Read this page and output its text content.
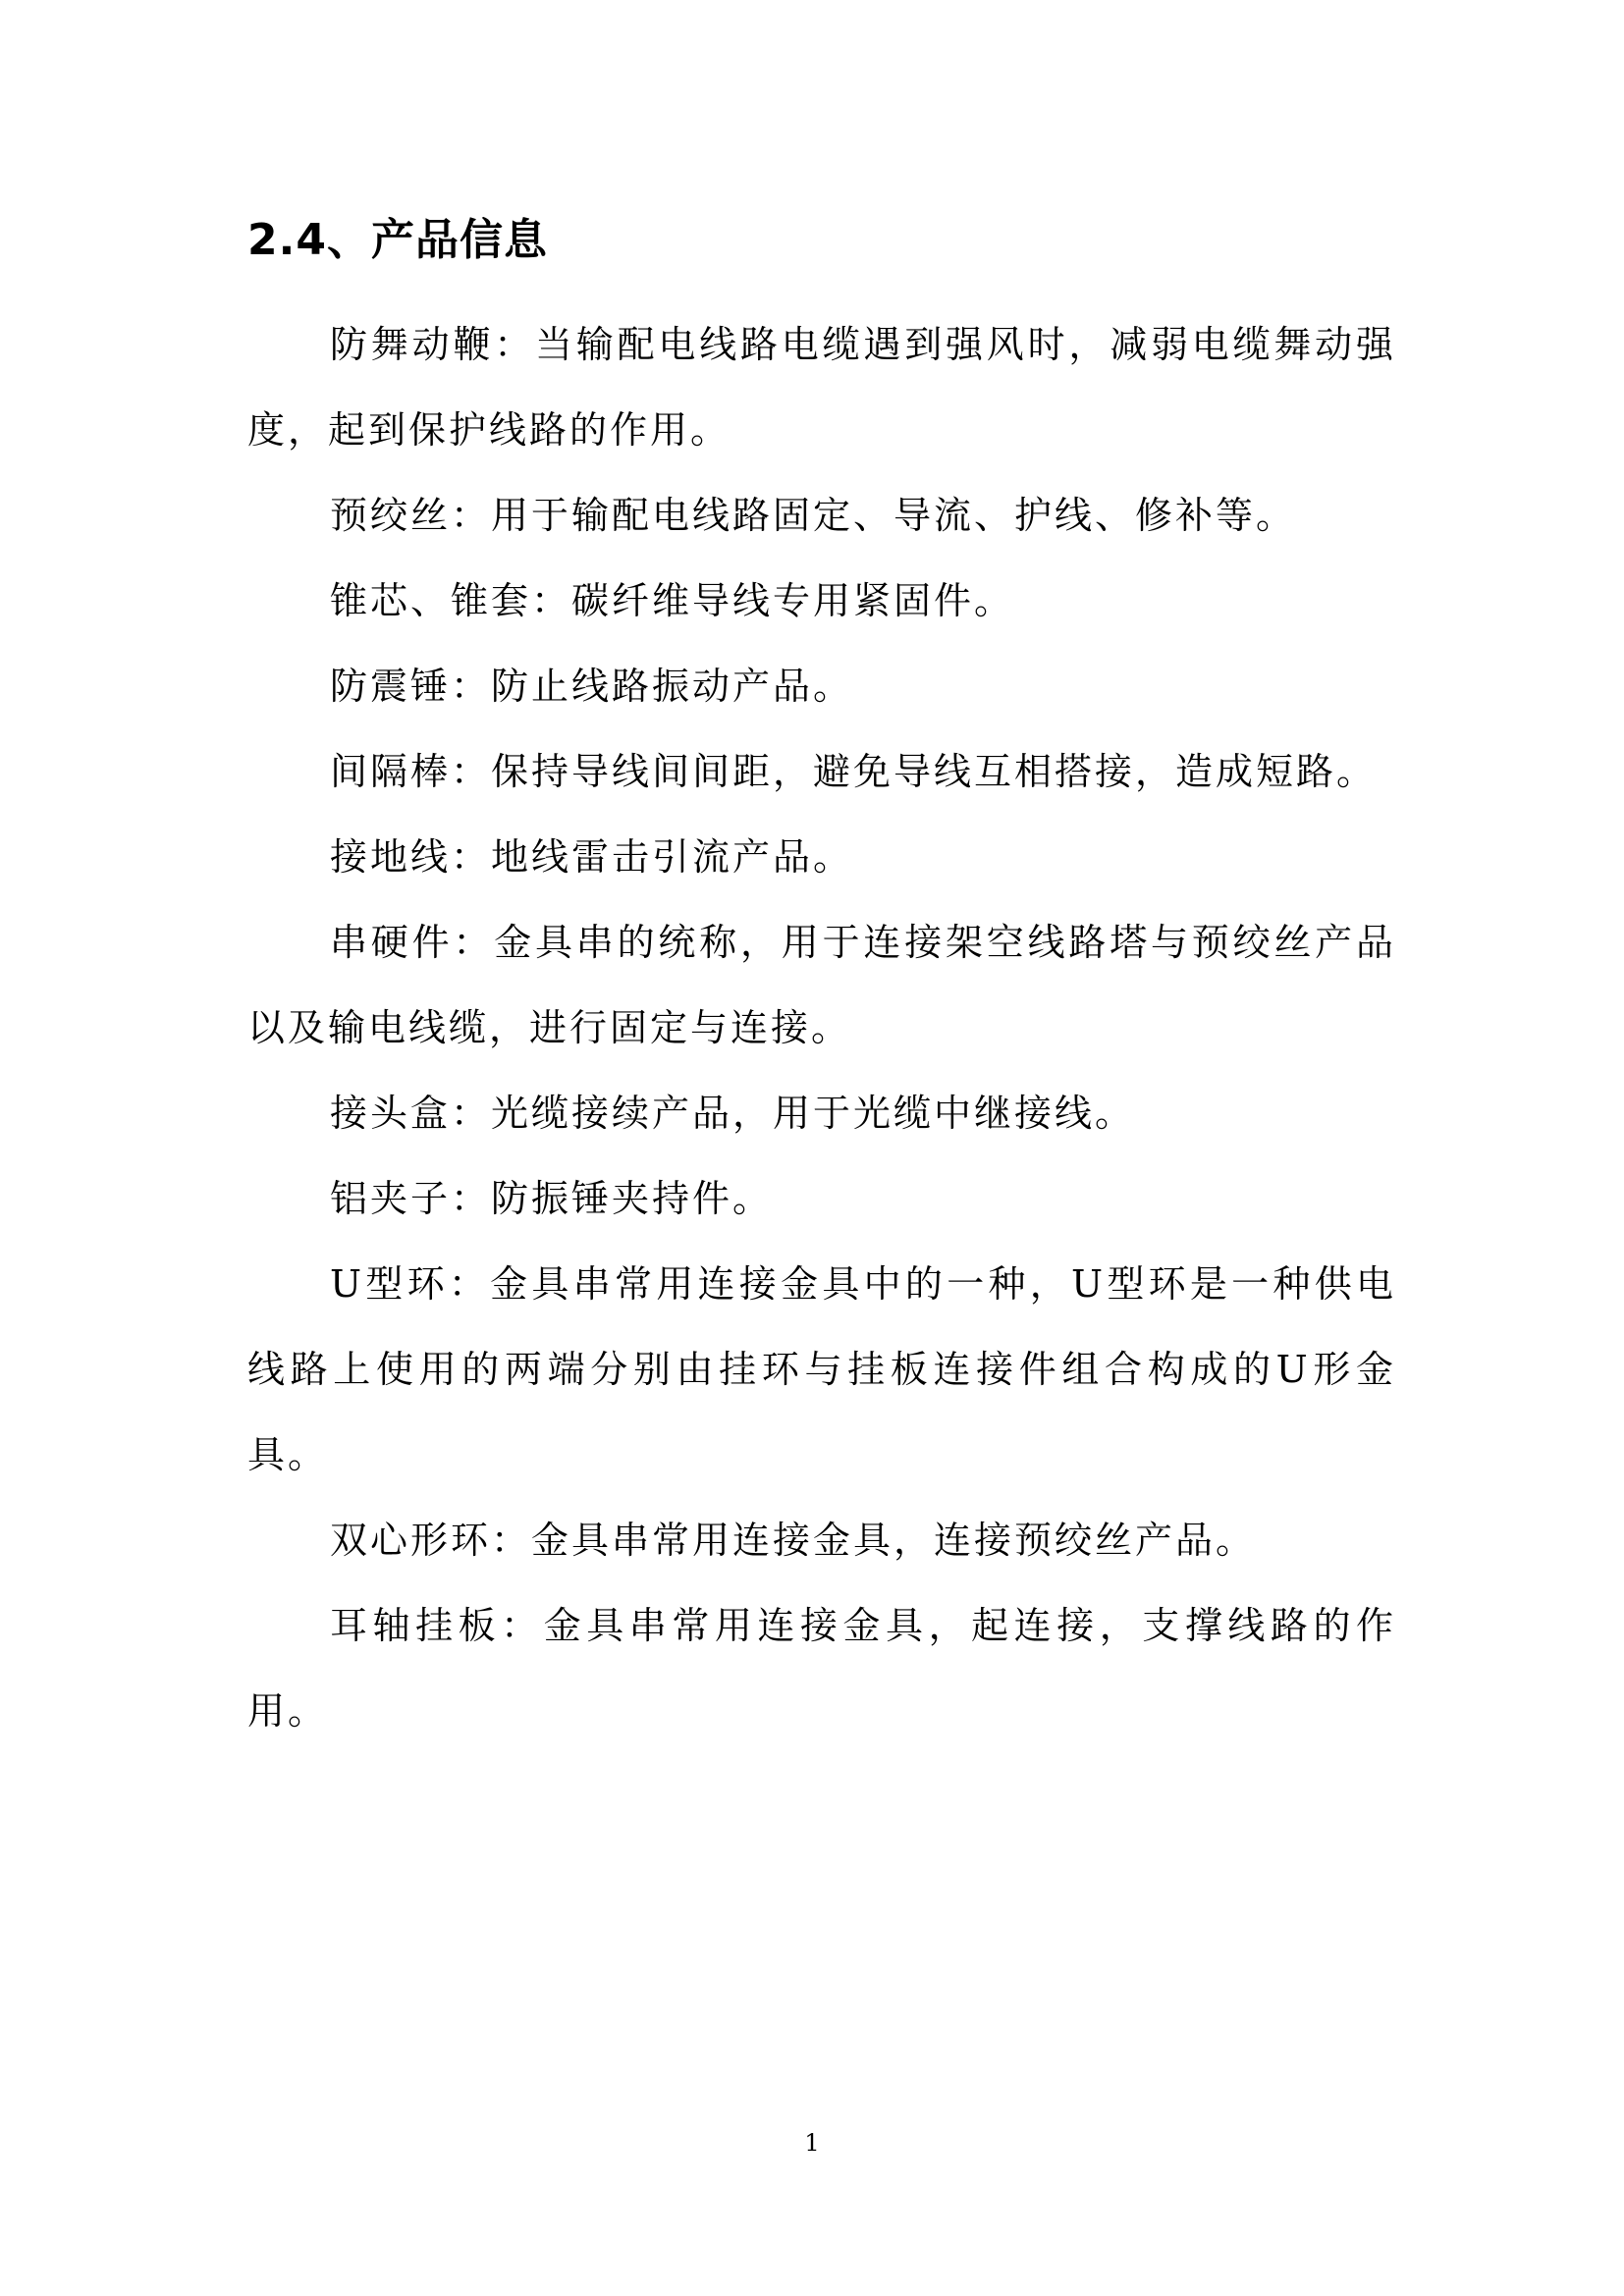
2.4、产品信息

防舞动鞭：当输配电线路电缆遇到强风时，减弱电缆舞动强度，起到保护线路的作用。

预绞丝：用于输配电线路固定、导流、护线、修补等。

锥芯、锥套：碳纤维导线专用紧固件。

防震锤：防止线路振动产品。

间隔棒：保持导线间间距，避免导线互相搭接，造成短路。

接地线：地线雷击引流产品。

串硬件：金具串的统称，用于连接架空线路塔与预绞丝产品以及输电线缆，进行固定与连接。

接头盒：光缆接续产品，用于光缆中继接线。

铝夹子：防振锤夹持件。

U型环：金具串常用连接金具中的一种，U型环是一种供电线路上使用的两端分别由挂环与挂板连接件组合构成的U形金具。

双心形环：金具串常用连接金具，连接预绞丝产品。

耳轴挂板：金具串常用连接金具，起连接，支撑线路的作用。

1
